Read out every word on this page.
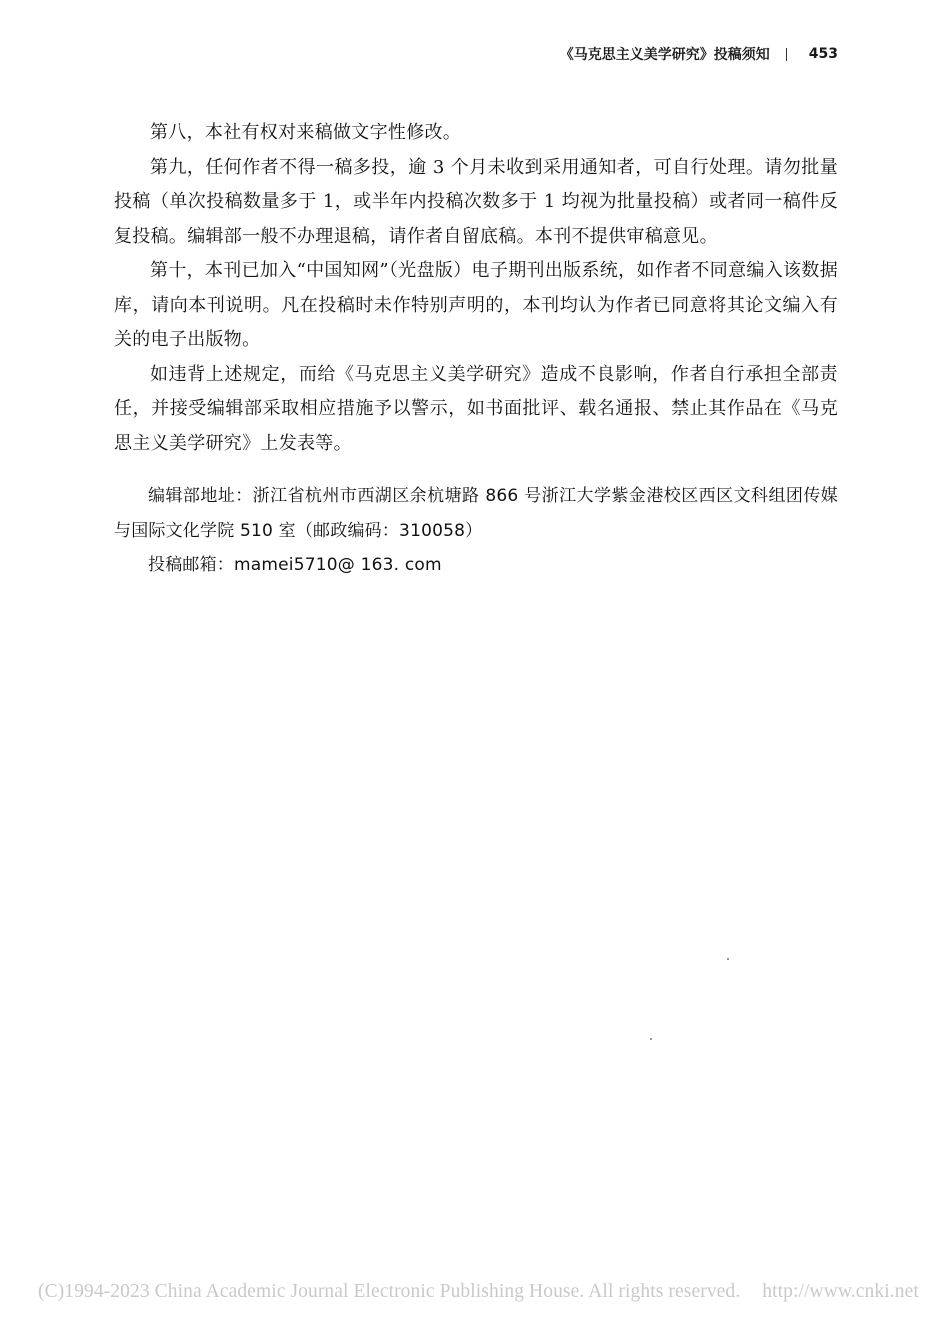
《马克思主义美学研究》投稿须知	453

第八，本社有权对来稿做文字性修改。

第九，任何作者不得一稿多投，逾 3 个月未收到采用通知者，可自行处理。请勿批量投稿（单次投稿数量多于 1，或半年内投稿次数多于 1 均视为批量投稿）或者同一稿件反复投稿。编辑部一般不办理退稿，请作者自留底稿。本刊不提供审稿意见。

第十，本刊已加入“中国知网”（光盘版）电子期刊出版系统，如作者不同意编入该数据库，请向本刊说明。凡在投稿时未作特别声明的，本刊均认为作者已同意将其论文编入有关的电子出版物。

如违背上述规定，而给《马克思主义美学研究》造成不良影响，作者自行承担全部责任，并接受编辑部采取相应措施予以警示，如书面批评、载名通报、禁止其作品在《马克思主义美学研究》上发表等。

编辑部地址：浙江省杭州市西湖区余杭塘路 866 号浙江大学紫金港校区西区文科组团传媒与国际文化学院 510 室（邮政编码：310058）

投稿邮箱：mamei5710@ 163. com

(C)1994-2023 China Academic Journal Electronic Publishing House. All rights reserved. http://www.cnki.net
